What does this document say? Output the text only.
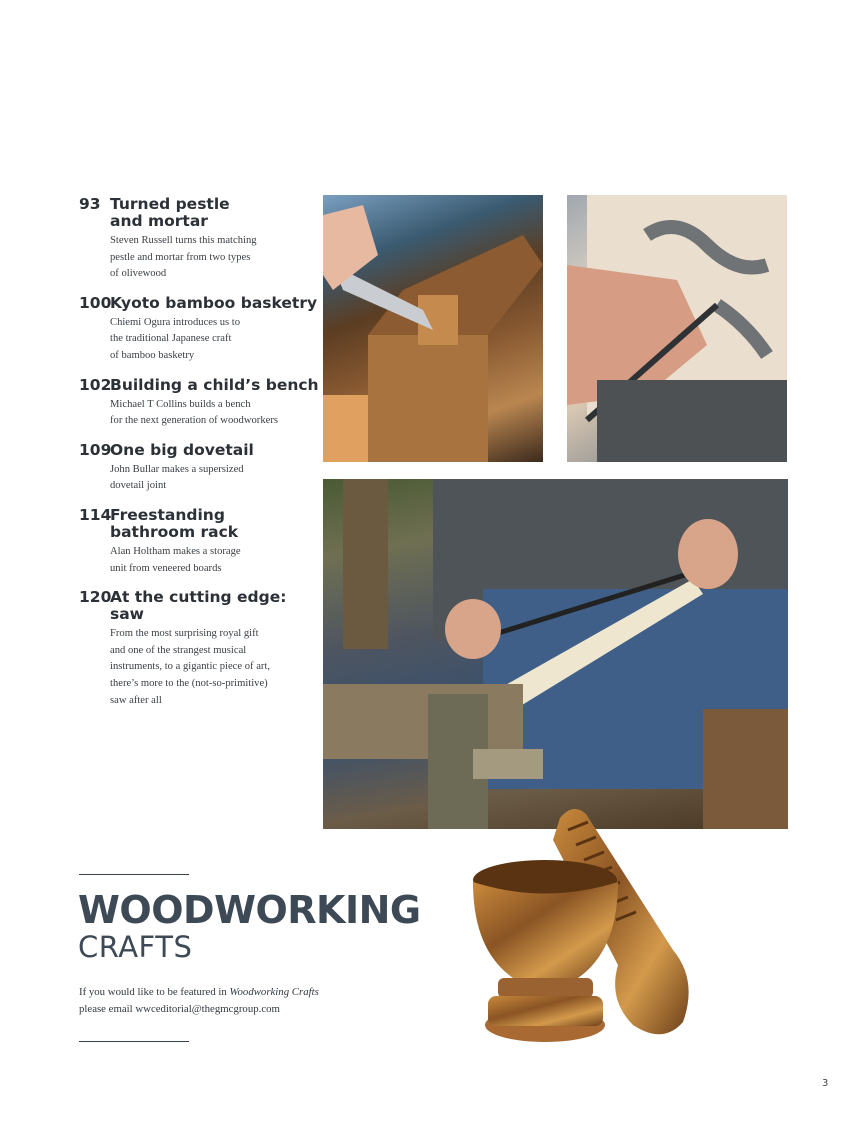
93 Turned pestle
and mortar
Steven Russell turns this matching
pestle and mortar from two types
of olivewood
100
Kyoto bamboo basketry
Chiemi Ogura introduces us to
the traditional Japanese craft
of bamboo basketry
102
Building a child’s bench
Michael T Collins builds a bench
for the next generation of woodworkers
109
One big dovetail
John Bullar makes a supersized
dovetail joint
114
Freestanding
bathroom rack
Alan Holtham makes a storage
unit from veneered boards
120
At the cutting edge: saw
From the most surprising royal gift
and one of the strangest musical
instruments, to a gigantic piece of art,
there’s more to the (not-so-primitive)
saw after all
WOODWORKING
CRAFTS
If you would like to be featured in Woodworking Crafts
please email wwceditorial@thegmcgroup.com
3
